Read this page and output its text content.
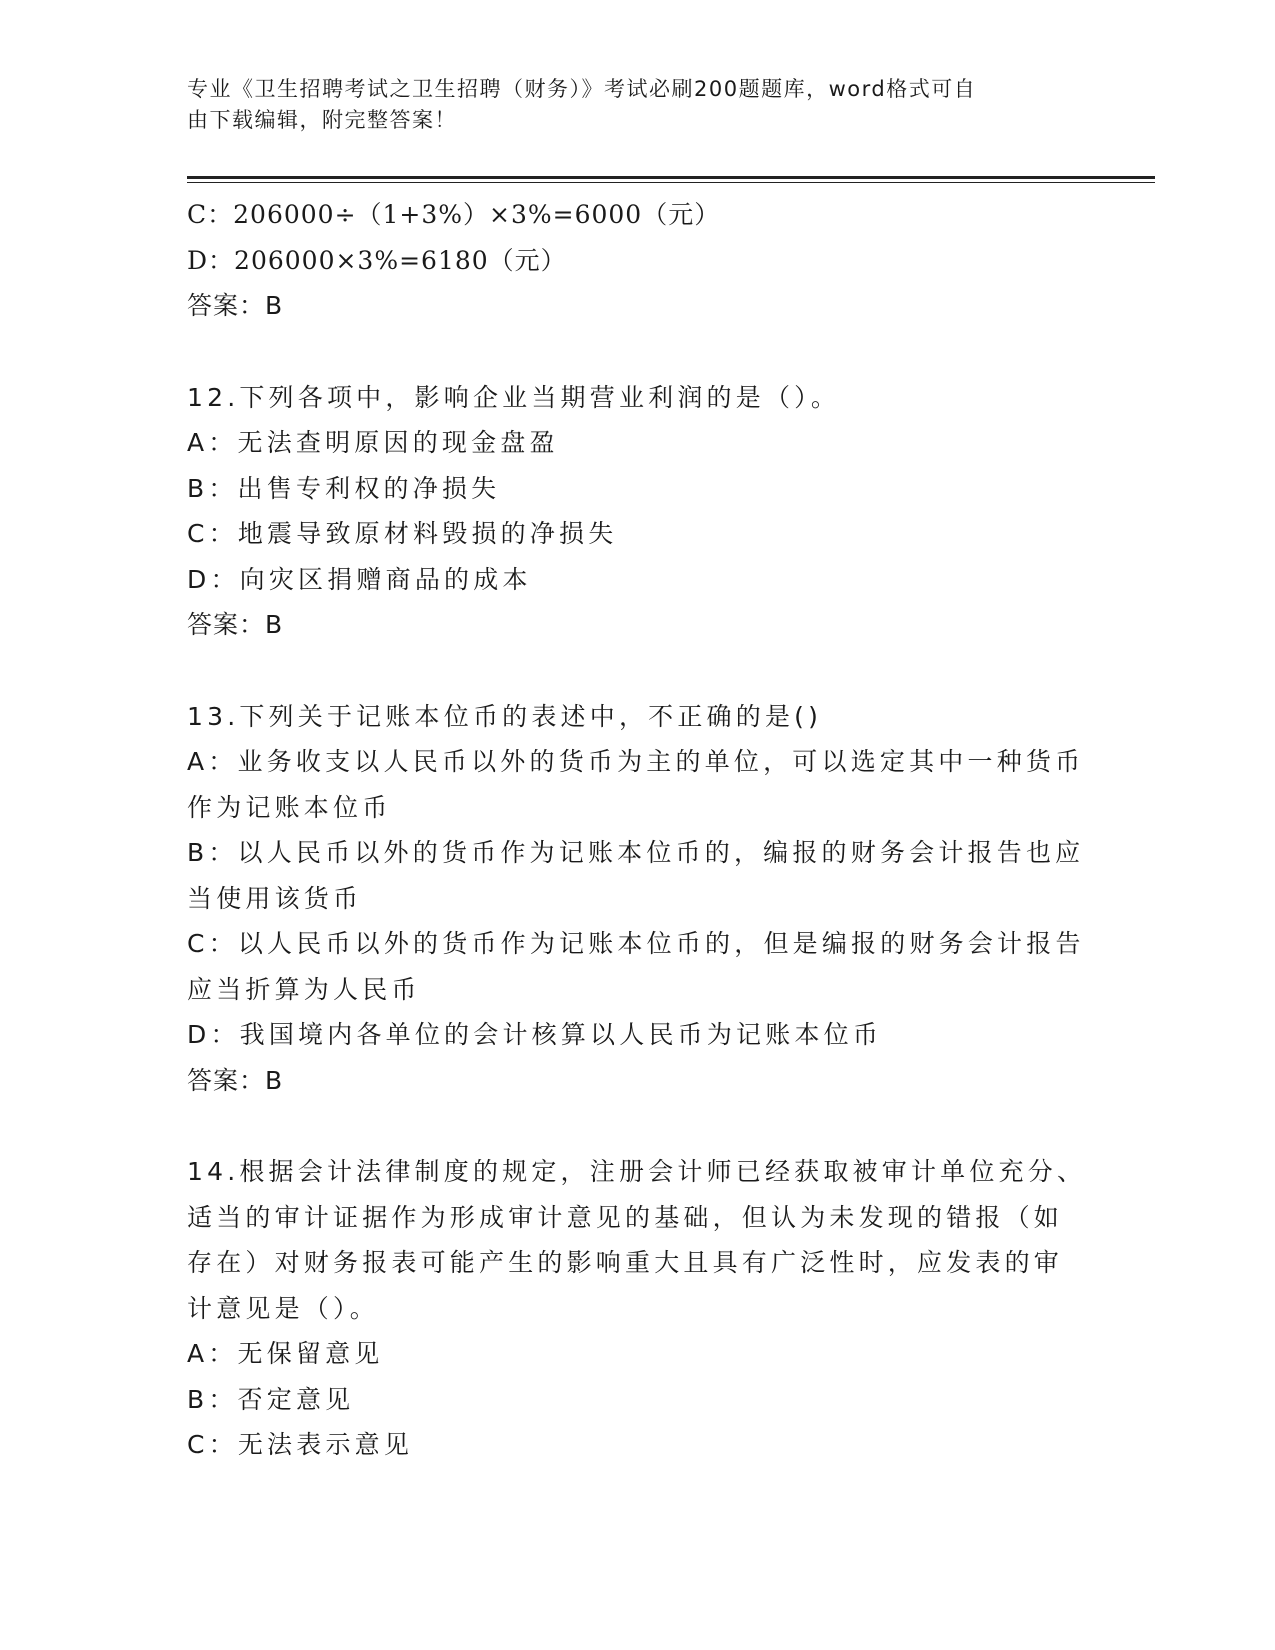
专业《卫生招聘考试之卫生招聘（财务）》考试必刷200题题库，word格式可自
由下载编辑，附完整答案！
C：206000÷（1+3%）×3%=6000（元）
D：206000×3%=6180（元）
答案：B
12.下列各项中，影响企业当期营业利润的是（）。
A：无法查明原因的现金盘盈
B：出售专利权的净损失
C：地震导致原材料毁损的净损失
D：向灾区捐赠商品的成本
答案：B
13.下列关于记账本位币的表述中，不正确的是()
A：业务收支以人民币以外的货币为主的单位，可以选定其中一种货币
作为记账本位币
B：以人民币以外的货币作为记账本位币的，编报的财务会计报告也应
当使用该货币
C：以人民币以外的货币作为记账本位币的，但是编报的财务会计报告
应当折算为人民币
D：我国境内各单位的会计核算以人民币为记账本位币
答案：B
14.根据会计法律制度的规定，注册会计师已经获取被审计单位充分、
适当的审计证据作为形成审计意见的基础，但认为未发现的错报（如
存在）对财务报表可能产生的影响重大且具有广泛性时，应发表的审
计意见是（）。
A：无保留意见
B：否定意见
C：无法表示意见
